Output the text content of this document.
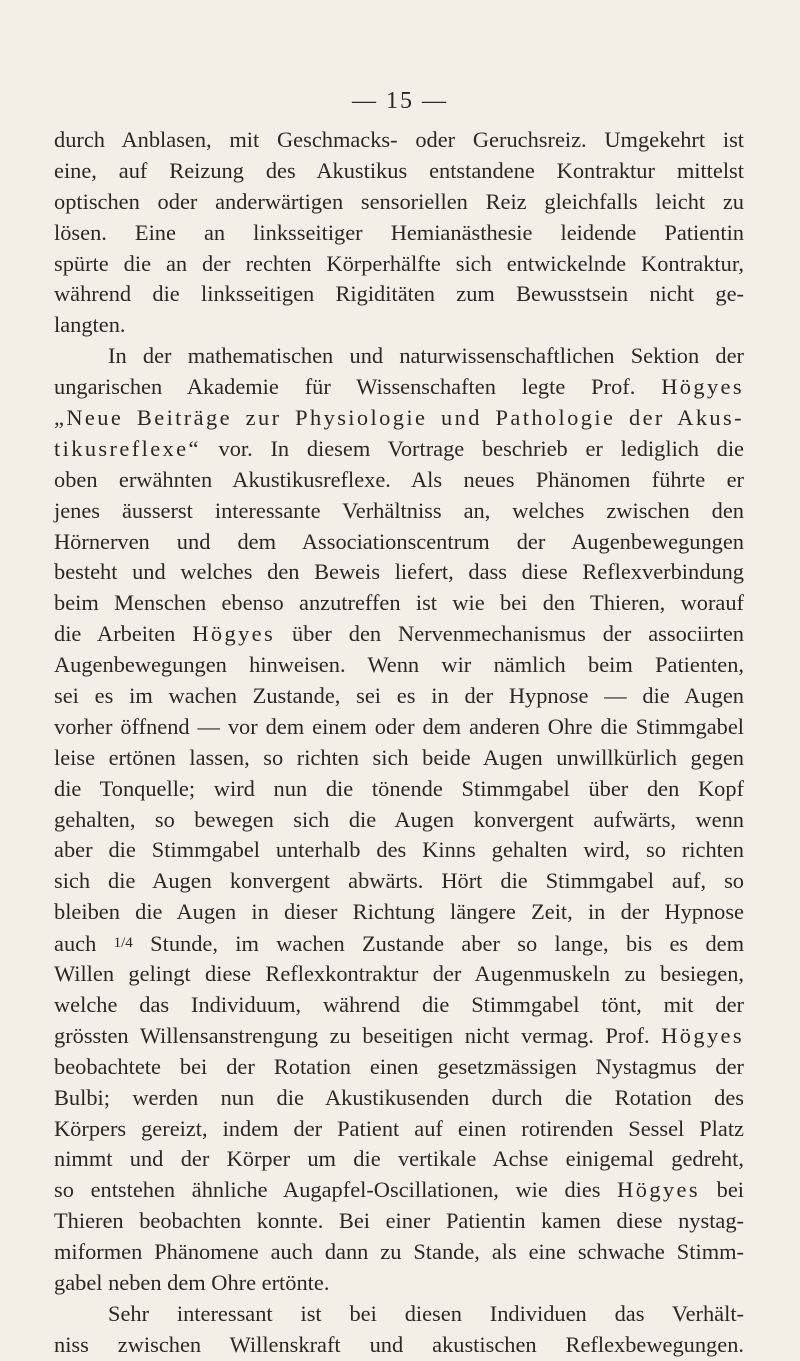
— 15 —
durch Anblasen, mit Geschmacks- oder Geruchsreiz. Umgekehrt ist
eine, auf Reizung des Akustikus entstandene Kontraktur mittelst
optischen oder anderwärtigen sensoriellen Reiz gleichfalls leicht zu
lösen. Eine an linksseitiger Hemianästhesie leidende Patientin
spürte die an der rechten Körperhälfte sich entwickelnde Kontraktur,
während die linksseitigen Rigiditäten zum Bewusstsein nicht ge-
langten.
In der mathematischen und naturwissenschaftlichen Sektion der
ungarischen Akademie für Wissenschaften legte Prof. Högyes
„Neue Beiträge zur Physiologie und Pathologie der Akus-
tikusreflexe“ vor. In diesem Vortrage beschrieb er lediglich die
oben erwähnten Akustikusreflexe. Als neues Phänomen führte er
jenes äusserst interessante Verhältniss an, welches zwischen den
Hörnerven und dem Associationscentrum der Augenbewegungen
besteht und welches den Beweis liefert, dass diese Reflexverbindung
beim Menschen ebenso anzutreffen ist wie bei den Thieren, worauf
die Arbeiten Högyes über den Nervenmechanismus der associirten
Augenbewegungen hinweisen. Wenn wir nämlich beim Patienten,
sei es im wachen Zustande, sei es in der Hypnose — die Augen
vorher öffnend — vor dem einem oder dem anderen Ohre die Stimmgabel
leise ertönen lassen, so richten sich beide Augen unwillkürlich gegen
die Tonquelle; wird nun die tönende Stimmgabel über den Kopf
gehalten, so bewegen sich die Augen konvergent aufwärts, wenn
aber die Stimmgabel unterhalb des Kinns gehalten wird, so richten
sich die Augen konvergent abwärts. Hört die Stimmgabel auf, so
bleiben die Augen in dieser Richtung längere Zeit, in der Hypnose
auch 1/4 Stunde, im wachen Zustande aber so lange, bis es dem
Willen gelingt diese Reflexkontraktur der Augenmuskeln zu besiegen,
welche das Individuum, während die Stimmgabel tönt, mit der
grössten Willensanstrengung zu beseitigen nicht vermag. Prof. Högyes
beobachtete bei der Rotation einen gesetzmässigen Nystagmus der
Bulbi; werden nun die Akustikusenden durch die Rotation des
Körpers gereizt, indem der Patient auf einen rotirenden Sessel Platz
nimmt und der Körper um die vertikale Achse einigemal gedreht,
so entstehen ähnliche Augapfel-Oscillationen, wie dies Högyes bei
Thieren beobachten konnte. Bei einer Patientin kamen diese nystag-
miformen Phänomene auch dann zu Stande, als eine schwache Stimm-
gabel neben dem Ohre ertönte.
Sehr interessant ist bei diesen Individuen das Verhält-
niss zwischen Willenskraft und akustischen Reflexbewegungen.
